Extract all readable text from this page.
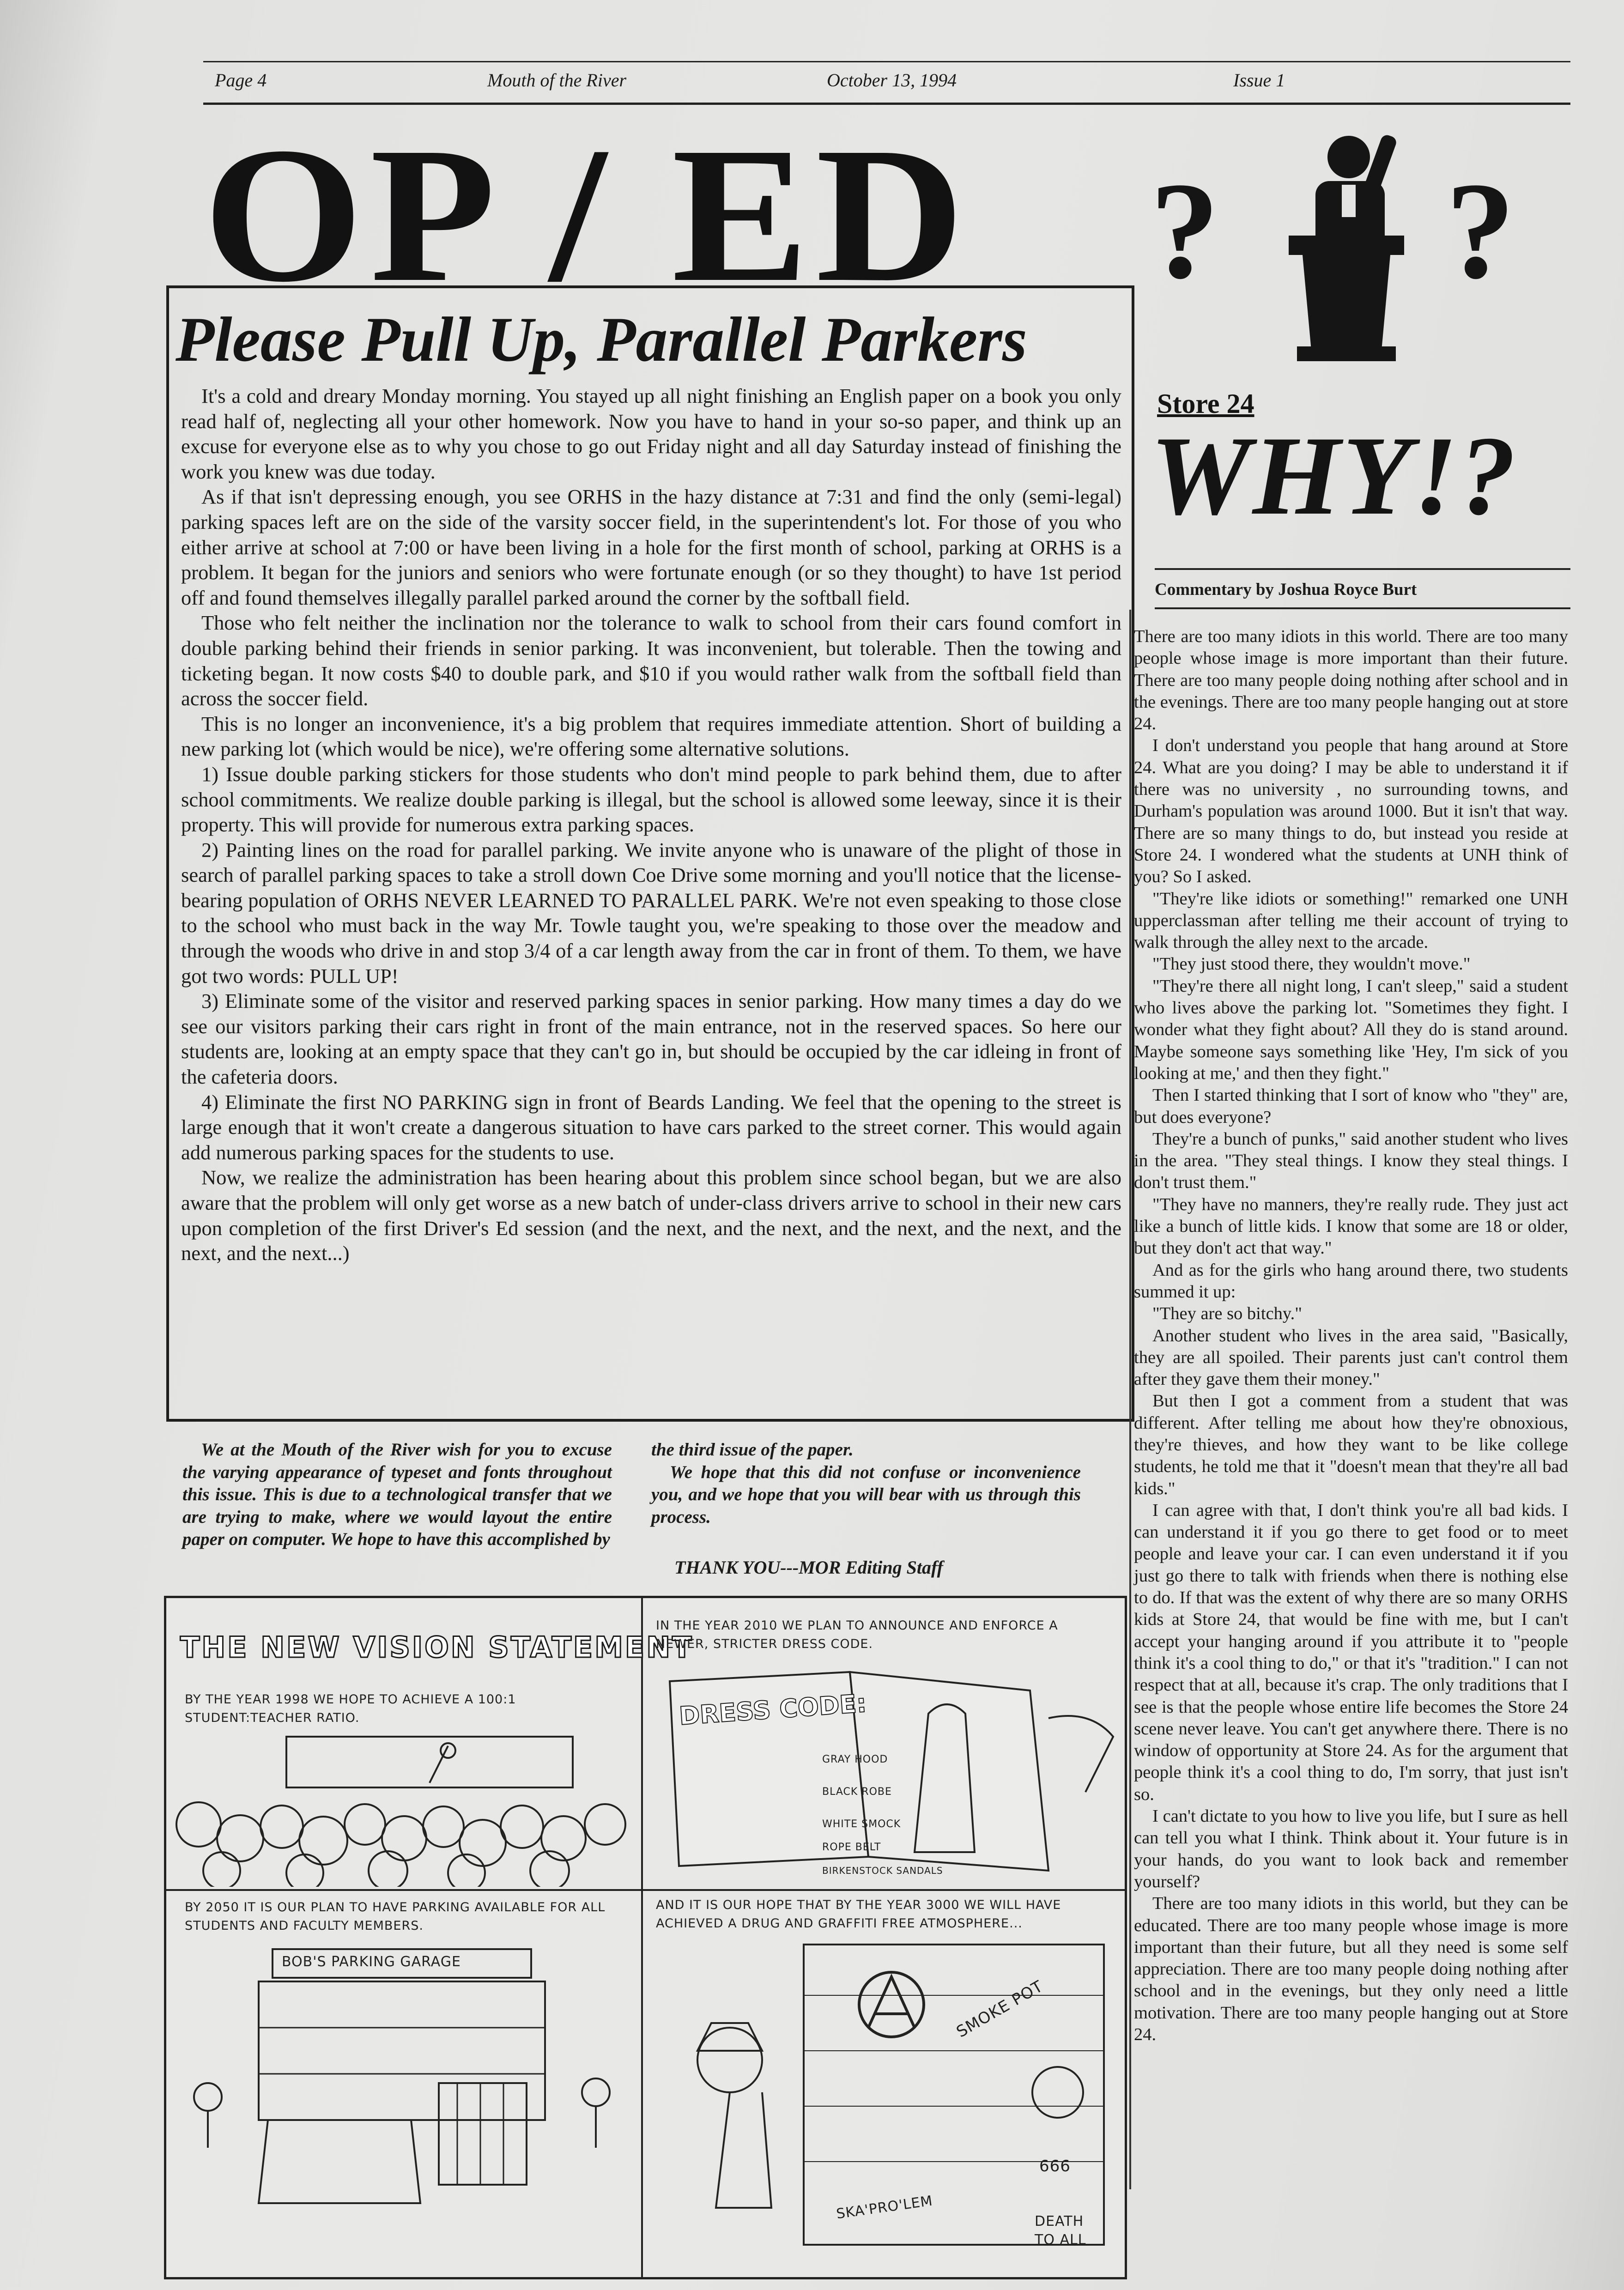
Page 4	Mouth of the River	October 13, 1994	Issue 1
OP / ED ? ?
Please Pull Up, Parallel Parkers

It's a cold and dreary Monday morning. You stayed up all night finishing an English paper on a book you only read half of, neglecting all your other homework. Now you have to hand in your so-so paper, and think up an excuse for everyone else as to why you chose to go out Friday night and all day Saturday instead of finishing the work you knew was due today.

As if that isn't depressing enough, you see ORHS in the hazy distance at 7:31 and find the only (semi-legal) parking spaces left are on the side of the varsity soccer field, in the superintendent's lot. For those of you who either arrive at school at 7:00 or have been living in a hole for the first month of school, parking at ORHS is a problem. It began for the juniors and seniors who were fortunate enough (or so they thought) to have 1st period off and found themselves illegally parallel parked around the corner by the softball field.

Those who felt neither the inclination nor the tolerance to walk to school from their cars found comfort in double parking behind their friends in senior parking. It was inconvenient, but tolerable. Then the towing and ticketing began. It now costs $40 to double park, and $10 if you would rather walk from the softball field than across the soccer field.

This is no longer an inconvenience, it's a big problem that requires immediate attention. Short of building a new parking lot (which would be nice), we're offering some alternative solutions.

1) Issue double parking stickers for those students who don't mind people to park behind them, due to after school commitments. We realize double parking is illegal, but the school is allowed some leeway, since it is their property. This will provide for numerous extra parking spaces.

2) Painting lines on the road for parallel parking. We invite anyone who is unaware of the plight of those in search of parallel parking spaces to take a stroll down Coe Drive some morning and you'll notice that the license-bearing population of ORHS NEVER LEARNED TO PARALLEL PARK. We're not even speaking to those close to the school who must back in the way Mr. Towle taught you, we're speaking to those over the meadow and through the woods who drive in and stop 3/4 of a car length away from the car in front of them. To them, we have got two words: PULL UP!

3) Eliminate some of the visitor and reserved parking spaces in senior parking. How many times a day do we see our visitors parking their cars right in front of the main entrance, not in the reserved spaces. So here our students are, looking at an empty space that they can't go in, but should be occupied by the car idleing in front of the cafeteria doors.

4) Eliminate the first NO PARKING sign in front of Beards Landing. We feel that the opening to the street is large enough that it won't create a dangerous situation to have cars parked to the street corner. This would again add numerous parking spaces for the students to use.

Now, we realize the administration has been hearing about this problem since school began, but we are also aware that the problem will only get worse as a new batch of under-class drivers arrive to school in their new cars upon completion of the first Driver's Ed session (and the next, and the next, and the next, and the next, and the next, and the next...)

We at the Mouth of the River wish for you to excuse the varying appearance of typeset and fonts throughout this issue. This is due to a technological transfer that we are trying to make, where we would layout the entire paper on computer. We hope to have this accomplished by

the third issue of the paper.

We hope that this did not confuse or inconvenience you, and we hope that you will bear with us through this process.

THANK YOU---MOR Editing Staff
THE NEW VISION STATEMENT
BY THE YEAR 1998 WE HOPE TO ACHIEVE A 100:1 STUDENT:TEACHER RATIO.
IN THE YEAR 2010 WE PLAN TO ANNOUNCE AND ENFORCE A NEWER, STRICTER DRESS CODE.
DRESS CODE:
GRAY HOOD
BLACK ROBE
WHITE SMOCK
ROPE BELT
BIRKENSTOCK SANDALS
BY 2050 IT IS OUR PLAN TO HAVE PARKING AVAILABLE FOR ALL STUDENTS AND FACULTY MEMBERS.
BOB'S PARKING GARAGE
AND IT IS OUR HOPE THAT BY THE YEAR 3000 WE WILL HAVE ACHIEVED A DRUG AND GRAFFITI FREE ATMOSPHERE...
SKA'PRO'LEM	DEATH TO ALL
666
SMOKE POT
Store 24
WHY!?
Commentary by Joshua Royce Burt

There are too many idiots in this world. There are too many people whose image is more important than their future. There are too many people doing nothing after school and in the evenings. There are too many people hanging out at store 24.

I don't understand you people that hang around at Store 24. What are you doing? I may be able to understand it if there was no university , no surrounding towns, and Durham's population was around 1000. But it isn't that way. There are so many things to do, but instead you reside at Store 24. I wondered what the students at UNH think of you? So I asked.

"They're like idiots or something!" remarked one UNH upperclassman after telling me their account of trying to walk through the alley next to the arcade.

"They just stood there, they wouldn't move."

"They're there all night long, I can't sleep," said a student who lives above the parking lot. "Sometimes they fight. I wonder what they fight about? All they do is stand around. Maybe someone says something like 'Hey, I'm sick of you looking at me,' and then they fight."

Then I started thinking that I sort of know who "they" are, but does everyone?

They're a bunch of punks," said another student who lives in the area. "They steal things. I know they steal things. I don't trust them."

"They have no manners, they're really rude. They just act like a bunch of little kids. I know that some are 18 or older, but they don't act that way."

And as for the girls who hang around there, two students summed it up:

"They are so bitchy."

Another student who lives in the area said, "Basically, they are all spoiled. Their parents just can't control them after they gave them their money."

But then I got a comment from a student that was different. After telling me about how they're obnoxious, they're thieves, and how they want to be like college students, he told me that it "doesn't mean that they're all bad kids."

I can agree with that, I don't think you're all bad kids. I can understand it if you go there to get food or to meet people and leave your car. I can even understand it if you just go there to talk with friends when there is nothing else to do. If that was the extent of why there are so many ORHS kids at Store 24, that would be fine with me, but I can't accept your hanging around if you attribute it to "people think it's a cool thing to do," or that it's "tradition." I can not respect that at all, because it's crap. The only traditions that I see is that the people whose entire life becomes the Store 24 scene never leave. You can't get anywhere there. There is no window of opportunity at Store 24. As for the argument that people think it's a cool thing to do, I'm sorry, that just isn't so.

I can't dictate to you how to live you life, but I sure as hell can tell you what I think. Think about it. Your future is in your hands, do you want to look back and remember yourself?

There are too many idiots in this world, but they can be educated. There are too many people whose image is more important than their future, but all they need is some self appreciation. There are too many people doing nothing after school and in the evenings, but they only need a little motivation. There are too many people hanging out at Store 24.
